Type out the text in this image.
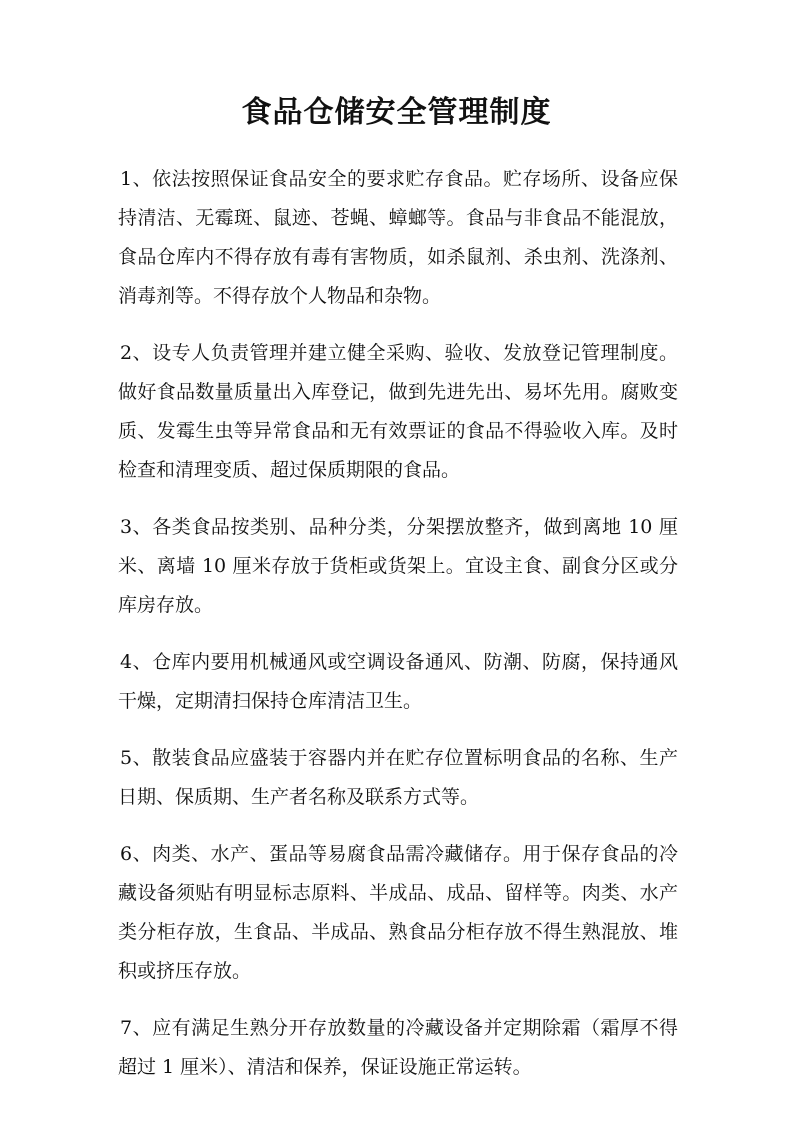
食品仓储安全管理制度

1、依法按照保证食品安全的要求贮存食品。贮存场所、设备应保持清洁、无霉斑、鼠迹、苍蝇、蟑螂等。食品与非食品不能混放，食品仓库内不得存放有毒有害物质，如杀鼠剂、杀虫剂、洗涤剂、消毒剂等。不得存放个人物品和杂物。

2、设专人负责管理并建立健全采购、验收、发放登记管理制度。做好食品数量质量出入库登记，做到先进先出、易坏先用。腐败变质、发霉生虫等异常食品和无有效票证的食品不得验收入库。及时检查和清理变质、超过保质期限的食品。

3、各类食品按类别、品种分类，分架摆放整齐，做到离地 10 厘米、离墙 10 厘米存放于货柜或货架上。宜设主食、副食分区或分库房存放。

4、仓库内要用机械通风或空调设备通风、防潮、防腐，保持通风干燥，定期清扫保持仓库清洁卫生。

5、散装食品应盛装于容器内并在贮存位置标明食品的名称、生产日期、保质期、生产者名称及联系方式等。

6、肉类、水产、蛋品等易腐食品需冷藏储存。用于保存食品的冷藏设备须贴有明显标志原料、半成品、成品、留样等。肉类、水产类分柜存放，生食品、半成品、熟食品分柜存放不得生熟混放、堆积或挤压存放。

7、应有满足生熟分开存放数量的冷藏设备并定期除霜（霜厚不得超过 1 厘米）、清洁和保养，保证设施正常运转。
